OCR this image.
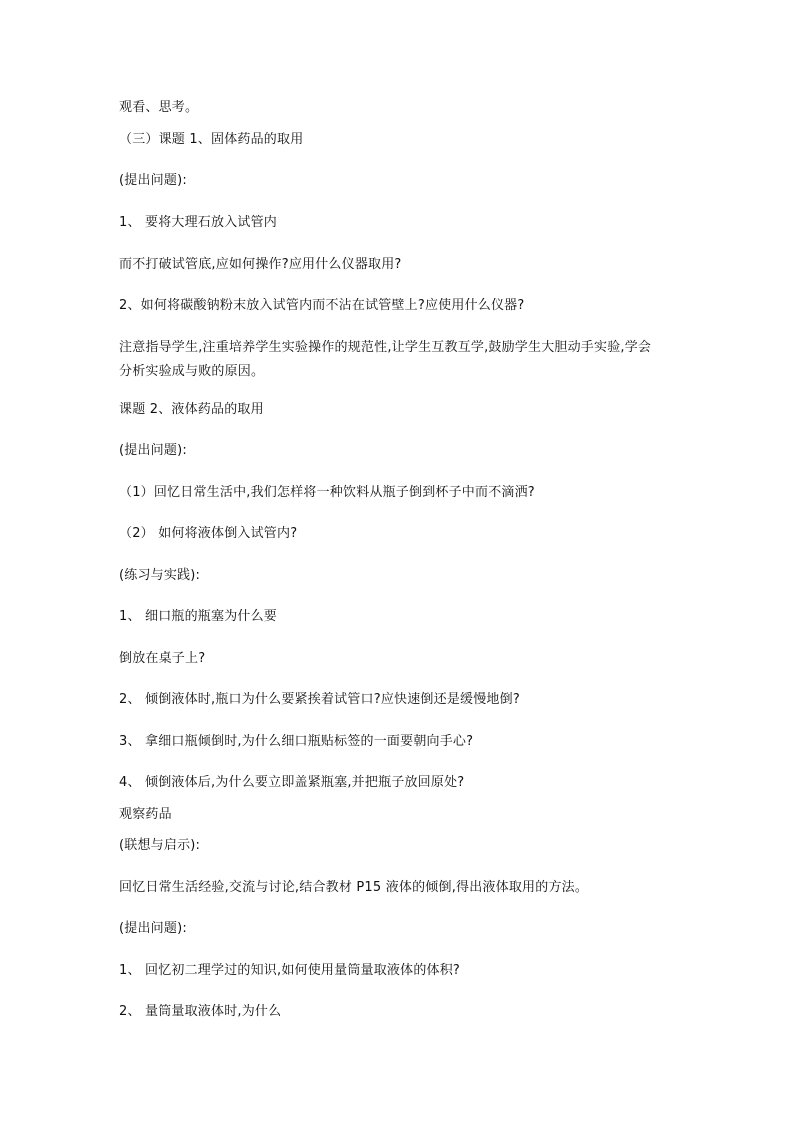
观看、思考。
（三）课题 1、固体药品的取用
(提出问题):
1、 要将大理石放入试管内
而不打破试管底,应如何操作?应用什么仪器取用?
2、如何将碳酸钠粉末放入试管内而不沾在试管壁上?应使用什么仪器?
注意指导学生,注重培养学生实验操作的规范性,让学生互教互学,鼓励学生大胆动手实验,学会分析实验成与败的原因。
课题 2、液体药品的取用
(提出问题):
（1）回忆日常生活中,我们怎样将一种饮料从瓶子倒到杯子中而不滴洒?
（2） 如何将液体倒入试管内?
(练习与实践):
1、 细口瓶的瓶塞为什么要
倒放在桌子上?
2、 倾倒液体时,瓶口为什么要紧挨着试管口?应快速倒还是缓慢地倒?
3、 拿细口瓶倾倒时,为什么细口瓶贴标签的一面要朝向手心?
4、 倾倒液体后,为什么要立即盖紧瓶塞,并把瓶子放回原处?
观察药品
(联想与启示):
回忆日常生活经验,交流与讨论,结合教材 P15 液体的倾倒,得出液体取用的方法。
(提出问题):
1、 回忆初二理学过的知识,如何使用量筒量取液体的体积?
2、 量筒量取液体时,为什么
